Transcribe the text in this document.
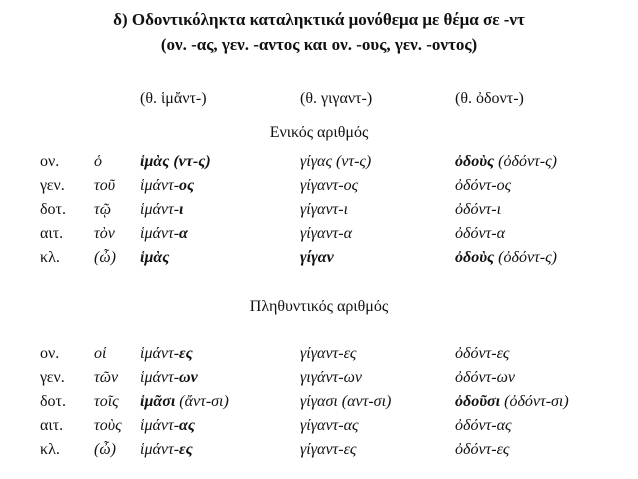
δ) Οδοντικόληκτα καταληκτικά μονόθεμα με θέμα σε -ντ
(ον. -ας, γεν. -αντος και ον. -ους, γεν. -οντος)
(θ. ἱμἄντ-)	(θ. γιγαντ-)	(θ. ὀδοντ-)
Ενικός αριθμός
ον. ὁ ἱμὰς (ντ-ς)	γίγας (ντ-ς)	ὀδοὺς (ὀδόντ-ς)
γεν. τοῦ ἱμάντ-ος	γίγαντ-ος	ὀδόντ-ος
δοτ. τῷ ἱμάντ-ι	γίγαντ-ι	ὀδόντ-ι
αιτ. τὸν ἱμάντ-α	γίγαντ-α	ὀδόντ-α
κλ. (ὦ) ἱμὰς	γίγαν	ὀδοὺς (ὀδόντ-ς)
Πληθυντικός αριθμός
ον. οἱ ἱμάντ-ες	γίγαντ-ες	ὀδόντ-ες
γεν. τῶν ἱμάντ-ων	γιγάντ-ων	ὀδόντ-ων
δοτ. τοῖς ἱμᾶσι (ἄντ-σι)	γίγασι (αντ-σι)	ὀδοῦσι (ὀδόντ-σι)
αιτ. τοὺς ἱμάντ-ας	γίγαντ-ας	ὀδόντ-ας
κλ. (ὦ) ἱμάντ-ες	γίγαντ-ες	ὀδόντ-ες
